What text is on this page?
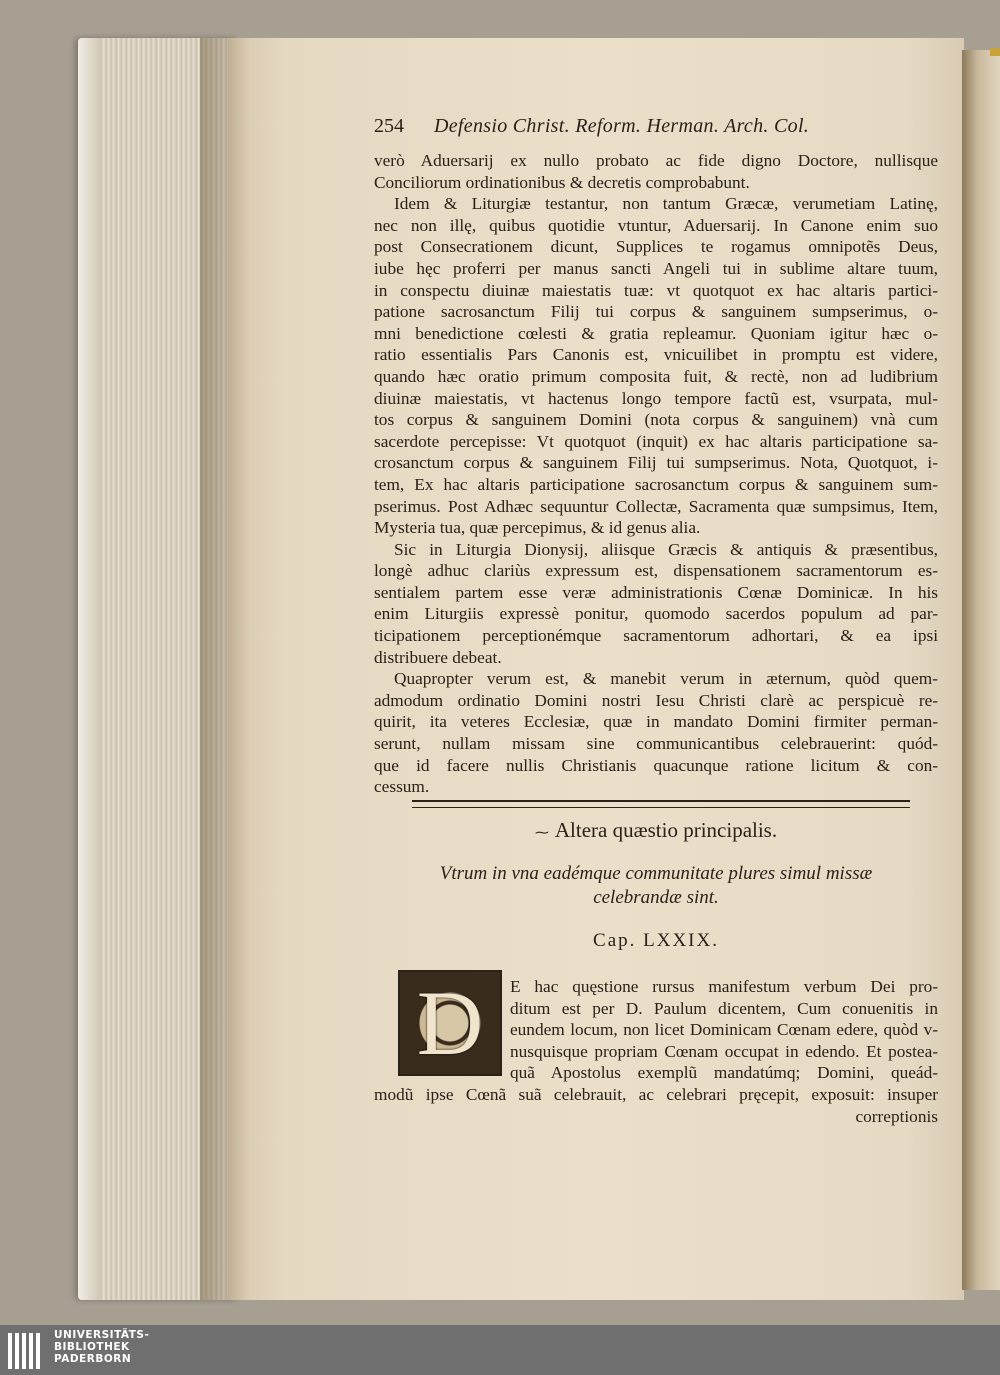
254 Defensio Christ. Reform. Herman. Arch. Col.

verò Aduersarij ex nullo probato ac fide digno Doctore, nullisque

Conciliorum ordinationibus & decretis comprobabunt.

Idem & Liturgiæ testantur, non tantum Græcæ, verumetiam Latinę,

nec non illę, quibus quotidie vtuntur, Aduersarij. In Canone enim suo

post Consecrationem dicunt, Supplices te rogamus omnipotẽs Deus,

iube hęc proferri per manus sancti Angeli tui in sublime altare tuum,

in conspectu diuinæ maiestatis tuæ: vt quotquot ex hac altaris partici-

patione sacrosanctum Filij tui corpus & sanguinem sumpserimus, o-

mni benedictione cœlesti & gratia repleamur. Quoniam igitur hæc o-

ratio essentialis Pars Canonis est, vnicuilibet in promptu est videre,

quando hæc oratio primum composita fuit, & rectè, non ad ludibrium

diuinæ maiestatis, vt hactenus longo tempore factũ est, vsurpata, mul-

tos corpus & sanguinem Domini (nota corpus & sanguinem) vnà cum

sacerdote percepisse: Vt quotquot (inquit) ex hac altaris participatione sa-

crosanctum corpus & sanguinem Filij tui sumpserimus. Nota, Quotquot, i-

tem, Ex hac altaris participatione sacrosanctum corpus & sanguinem sum-

pserimus. Post Adhæc sequuntur Collectæ, Sacramenta quæ sumpsimus, Item,

Mysteria tua, quæ percepimus, & id genus alia.

Sic in Liturgia Dionysij, aliisque Græcis & antiquis & præsentibus,

longè adhuc clariùs expressum est, dispensationem sacramentorum es-

sentialem partem esse veræ administrationis Cœnæ Dominicæ. In his

enim Liturgiis expressè ponitur, quomodo sacerdos populum ad par-

ticipationem perceptionémque sacramentorum adhortari, & ea ipsi

distribuere debeat.

Quapropter verum est, & manebit verum in æternum, quòd quem-

admodum ordinatio Domini nostri Iesu Christi clarè ac perspicuè re-

quirit, ita veteres Ecclesiæ, quæ in mandato Domini firmiter perman-

serunt, nullam missam sine communicantibus celebrauerint: quód-

que id facere nullis Christianis quacunque ratione licitum & con-

cessum.

⁓ Altera quæstio principalis.
Vtrum in vna eadémque communitate plures simul missæ
celebrandæ sint.
Cap. LXXIX.
D	E hac quęstione rursus manifestum verbum Dei pro-

ditum est per D. Paulum dicentem, Cum conuenitis in

eundem locum, non licet Dominicam Cœnam edere, quòd v-

nusquisque propriam Cœnam occupat in edendo. Et postea-

quã Apostolus exemplũ mandatúmq; Domini, queád-

modũ ipse Cœnã suã celebrauit, ac celebrari pręcepit, exposuit: insuper

correptionis

UNIVERSITÄTS-
BIBLIOTHEK
PADERBORN
